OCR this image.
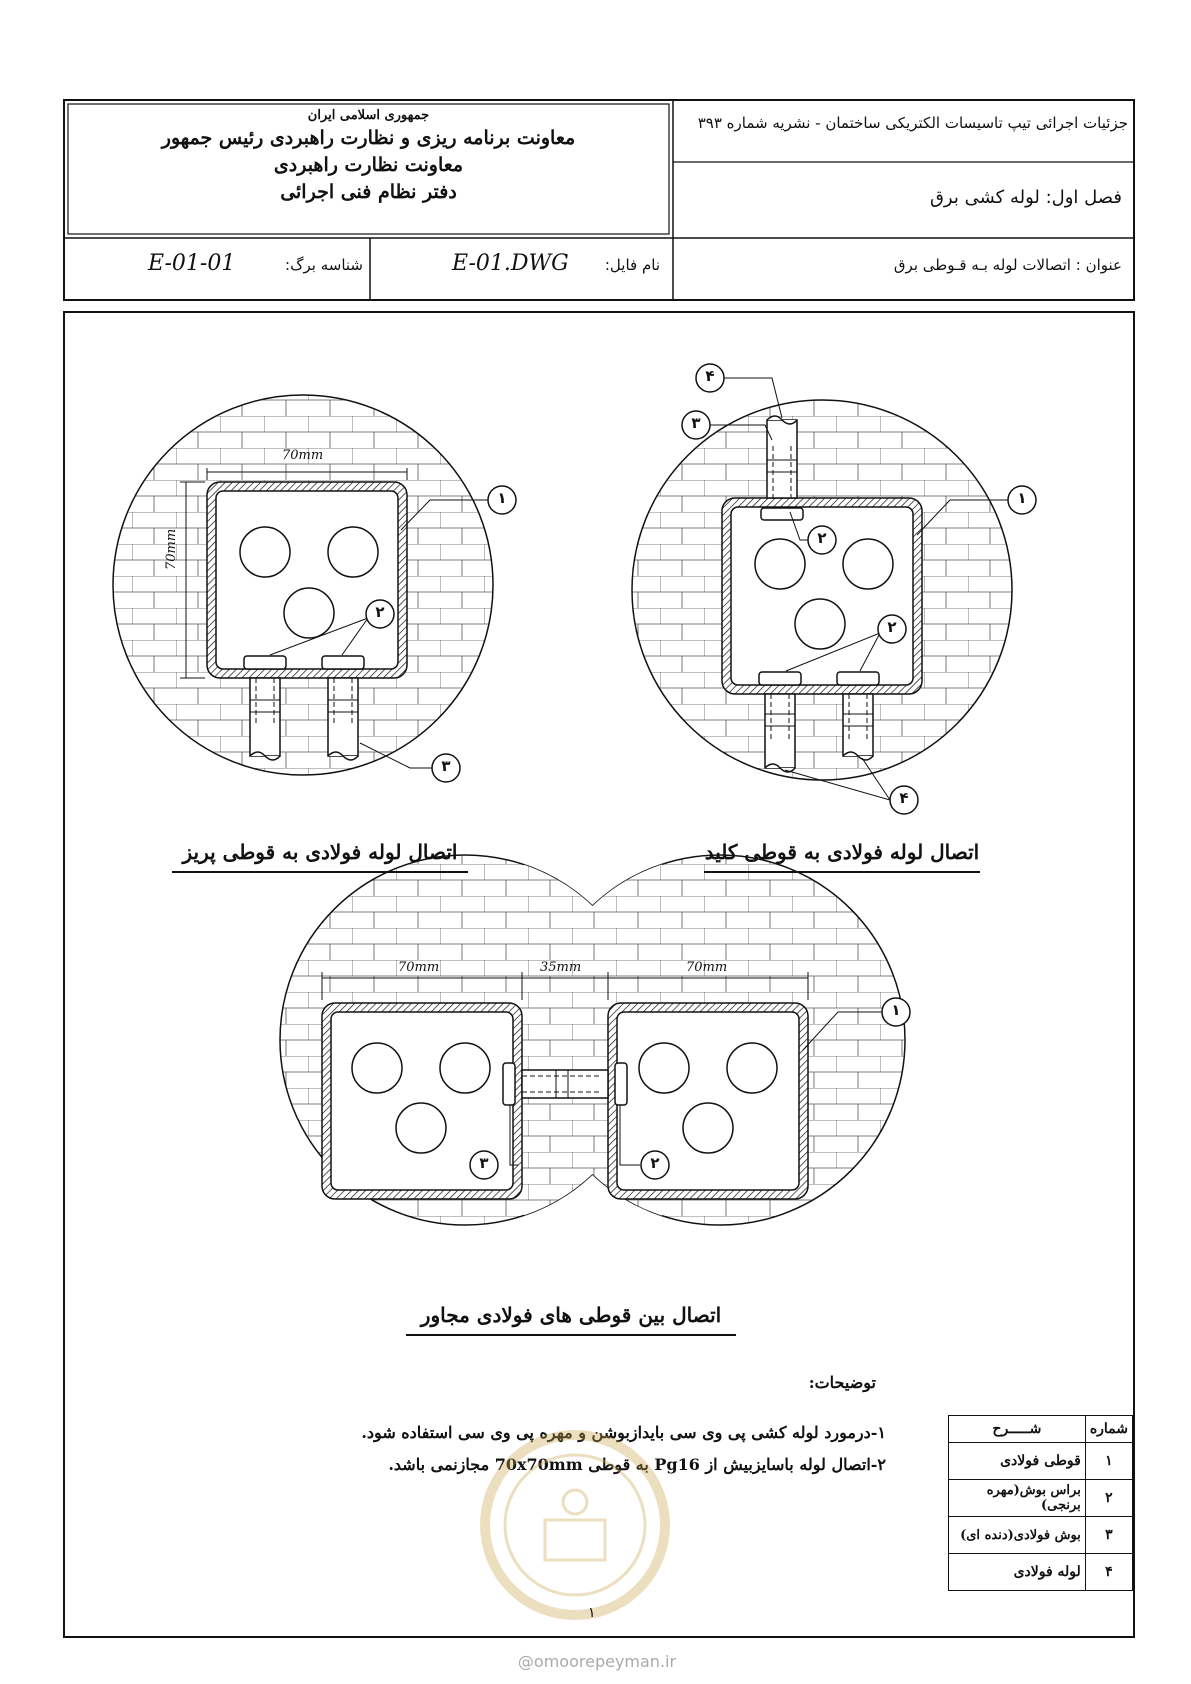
جمهوری اسلامی ایران
معاونت برنامه ریزی و نظارت راهبردی رئیس جمهور
معاونت نظارت راهبردی
دفتر نظام فنی اجرائی
جزئیات اجرائی تیپ تاسیسات الکتریکی ساختمان - نشریه شماره ۳۹۳
فصل اول: لوله کشی برق
عنوان : اتصالات لوله بـه قـوطی برق
نام فایل:
E-01.DWG
شناسه برگ:
E-01-01
۱
۲
۳
۴
۳
۱
۲
۲
۴
۱
۳	۲
70mm
70mm
70mm	35mm	70mm
اتصال لوله فولادی به قوطی پریز	اتصال لوله فولادی به قوطی کلید
اتصال بین قوطی های فولادی مجاور
توضیحات:
۱-درمورد لوله کشی پی وی سی بایدازبوشن و مهره پی وی سی استفاده شود.
۲-اتصال لوله باسایزبیش از Pg16 به قوطی 70x70mm مجازنمی باشد.
شماره	شـــــرح
۱	قوطی فولادی
۲	براس بوش(مهره برنجی)
۳	بوش فولادی(دنده ای)
۴	لوله فولادی
۱
@omoorepeyman.ir
